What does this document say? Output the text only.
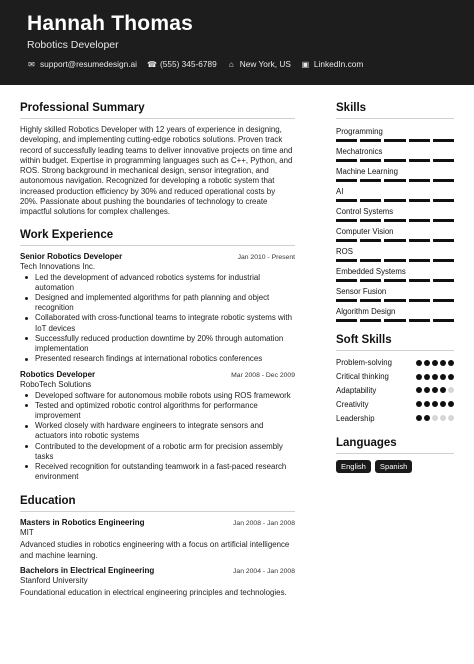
Hannah Thomas
Robotics Developer
✉ support@resumedesign.ai ☎ (555) 345-6789 ⌂ New York, US ▣ LinkedIn.com
Professional Summary
Highly skilled Robotics Developer with 12 years of experience in designing, developing, and implementing cutting-edge robotics solutions. Proven track record of successfully leading teams to deliver innovative projects on time and within budget. Expertise in programming languages such as C++, Python, and ROS. Strong background in mechanical design, sensor integration, and autonomous navigation. Recognized for developing a robotic system that increased production efficiency by 30% and reduced operational costs by 20%. Passionate about pushing the boundaries of technology to create impactful solutions for complex challenges.
Work Experience
Senior Robotics Developer	Jan 2010 - Present
Tech Innovations Inc.
Led the development of advanced robotics systems for industrial automation
Designed and implemented algorithms for path planning and object recognition
Collaborated with cross-functional teams to integrate robotic systems with IoT devices
Successfully reduced production downtime by 20% through automation implementation
Presented research findings at international robotics conferences
Robotics Developer	Mar 2008 - Dec 2009
RoboTech Solutions
Developed software for autonomous mobile robots using ROS framework
Tested and optimized robotic control algorithms for performance improvement
Worked closely with hardware engineers to integrate sensors and actuators into robotic systems
Contributed to the development of a robotic arm for precision assembly tasks
Received recognition for outstanding teamwork in a fast-paced research environment
Education
Masters in Robotics Engineering	Jan 2008 - Jan 2008
MIT
Advanced studies in robotics engineering with a focus on artificial intelligence and machine learning.
Bachelors in Electrical Engineering	Jan 2004 - Jan 2008
Stanford University
Foundational education in electrical engineering principles and technologies.
Skills
Programming
Mechatronics
Machine Learning
AI
Control Systems
Computer Vision
ROS
Embedded Systems
Sensor Fusion
Algorithm Design
Soft Skills
Problem-solving
Critical thinking
Adaptability
Creativity
Leadership
Languages
English	Spanish
